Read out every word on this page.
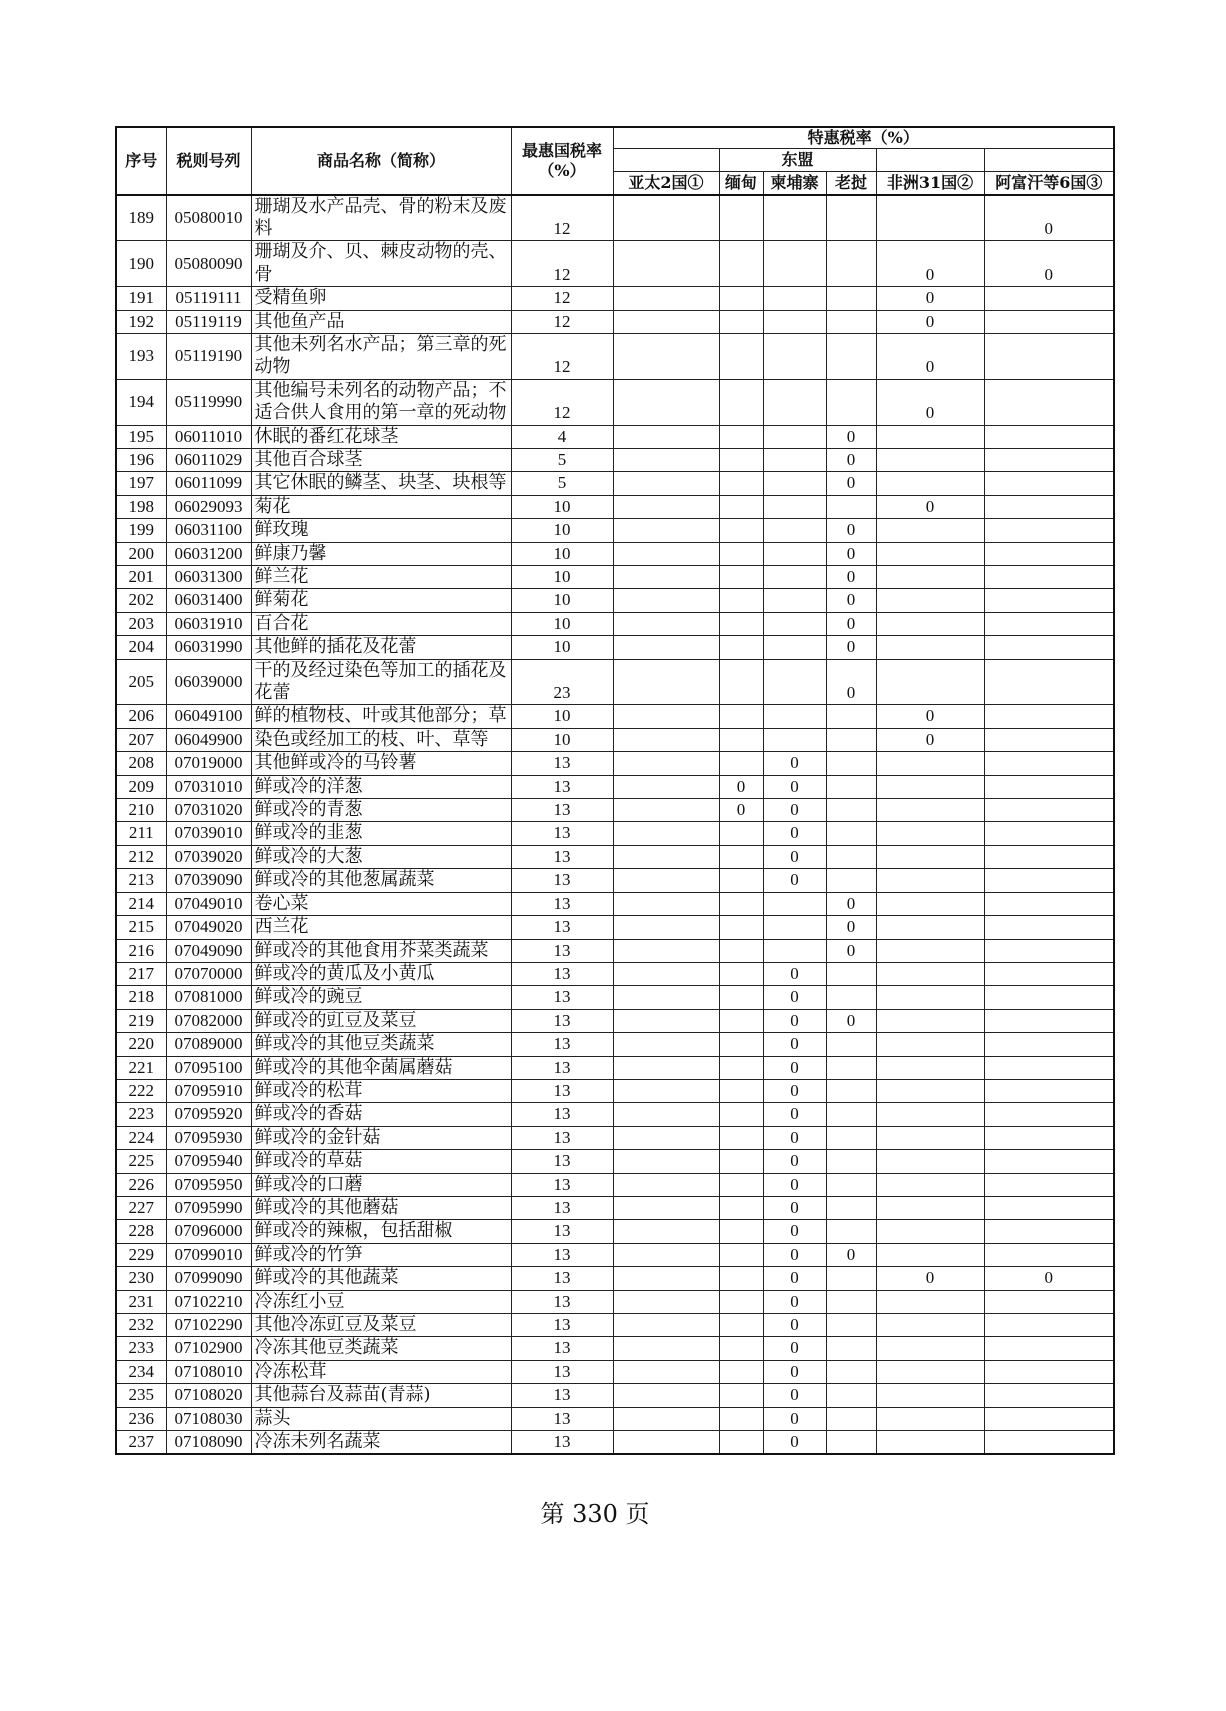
序号	税则号列	商品名称（简称）	最惠国税率
（%）	特惠税率（%）					
					东盟				
				亚太2国①	缅甸	柬埔寨	老挝	非洲31国②	阿富汗等6国③
189	05080010	珊瑚及水产品壳、骨的粉末及废料	12						0
190	05080090	珊瑚及介、贝、棘皮动物的壳、骨	12					0	0
191	05119111	受精鱼卵	12					0	
192	05119119	其他鱼产品	12					0	
193	05119190	其他未列名水产品；第三章的死动物	12					0	
194	05119990	其他编号未列名的动物产品；不适合供人食用的第一章的死动物	12					0	
195	06011010	休眠的番红花球茎	4				0		
196	06011029	其他百合球茎	5				0		
197	06011099	其它休眠的鳞茎、块茎、块根等	5				0		
198	06029093	菊花	10					0	
199	06031100	鲜玫瑰	10				0		
200	06031200	鲜康乃馨	10				0		
201	06031300	鲜兰花	10				0		
202	06031400	鲜菊花	10				0		
203	06031910	百合花	10				0		
204	06031990	其他鲜的插花及花蕾	10				0		
205	06039000	干的及经过染色等加工的插花及花蕾	23				0		
206	06049100	鲜的植物枝、叶或其他部分；草	10					0	
207	06049900	染色或经加工的枝、叶、草等	10					0	
208	07019000	其他鲜或冷的马铃薯	13			0			
209	07031010	鲜或冷的洋葱	13		0	0			
210	07031020	鲜或冷的青葱	13		0	0			
211	07039010	鲜或冷的韭葱	13			0			
212	07039020	鲜或冷的大葱	13			0			
213	07039090	鲜或冷的其他葱属蔬菜	13			0			
214	07049010	卷心菜	13				0		
215	07049020	西兰花	13				0		
216	07049090	鲜或冷的其他食用芥菜类蔬菜	13				0		
217	07070000	鲜或冷的黄瓜及小黄瓜	13			0			
218	07081000	鲜或冷的豌豆	13			0			
219	07082000	鲜或冷的豇豆及菜豆	13			0	0		
220	07089000	鲜或冷的其他豆类蔬菜	13			0			
221	07095100	鲜或冷的其他伞菌属蘑菇	13			0			
222	07095910	鲜或冷的松茸	13			0			
223	07095920	鲜或冷的香菇	13			0			
224	07095930	鲜或冷的金针菇	13			0			
225	07095940	鲜或冷的草菇	13			0			
226	07095950	鲜或冷的口蘑	13			0			
227	07095990	鲜或冷的其他蘑菇	13			0			
228	07096000	鲜或冷的辣椒，包括甜椒	13			0			
229	07099010	鲜或冷的竹笋	13			0	0		
230	07099090	鲜或冷的其他蔬菜	13			0		0	0
231	07102210	冷冻红小豆	13			0			
232	07102290	其他冷冻豇豆及菜豆	13			0			
233	07102900	冷冻其他豆类蔬菜	13			0			
234	07108010	冷冻松茸	13			0			
235	07108020	其他蒜台及蒜苗(青蒜)	13			0			
236	07108030	蒜头	13			0			
237	07108090	冷冻未列名蔬菜	13			0			
第 330 页
